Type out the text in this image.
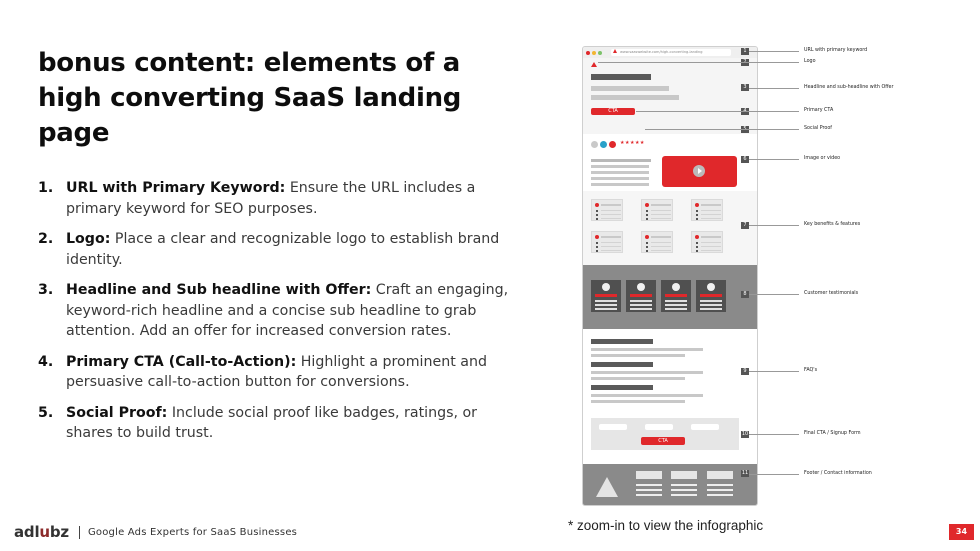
bonus content: elements of a high converting SaaS landing page
1. URL with Primary Keyword: Ensure the URL includes a primary keyword for SEO purposes.
2. Logo: Place a clear and recognizable logo to establish brand identity.
3. Headline and Sub headline with Offer: Craft an engaging, keyword-rich headline and a concise sub headline to grab attention. Add an offer for increased conversion rates.
4. Primary CTA (Call-to-Action): Highlight a prominent and persuasive call-to-action button for conversions.
5. Social Proof: Include social proof like badges, ratings, or shares to build trust.
www.saaswebsite.com/high-converting-landing
CTA
★★★★★
CTA
1	URL with primary keyword
Logo
3	Headline and sub-headline with Offer
Primary CTA
Social Proof
6	Image or video
7	Key benefits & features
8	Customer testimonials
9	FAQ's
10	Final CTA / Signup Form
11	Footer / Contact information
* zoom-in to view the infographic
adlubz Google Ads Experts for SaaS Businesses	34
